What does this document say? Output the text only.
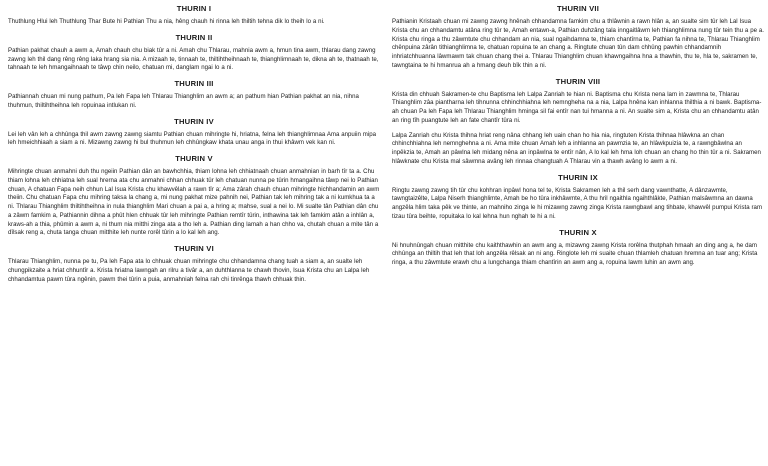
THURIN I
Thuthlung Hlui leh Thuthlung Thar Bute hi Pathian Thu a nia, hêng chauh hi rinna leh thiltih tehna dik lo theih lo a ni.
THURIN II
Pathian pakhat chauh a awm a, Amah chauh chu biak tûr a ni. Amah chu Thlarau, mahnia awm a, hmun tina awm, thlarau dang zawng zawng leh thil dang rêng rêng laka hrang sia nia. A mizaah te, tinnaah te, thiltihtheihnaah te, thianghlimnaah te, dikna ah te, thatnaah te, tahnaah te leh hmangaihnaah te tâwp chin neilo, chatuan mi, danglam ngai lo a ni.
THURIN III
Pathiannah chuan mi nung pathum, Pa leh Fapa leh Thlarau Thianghlim an awm a; an pathum hian Pathian pakhat an nia, nihna thuhmun, thiltihtheihna leh ropuinaa intlukan ni.
THURIN IV
Lei leh vân leh a chhûnga thil awm zawng zawng siamtu Pathian chuan mihringte hi, hriatna, felna leh thianghlimnaa Ama anpuiin mipa leh hmeichhiaah a siam a ni. Mizawng zawng hi bul thuhmun leh chhûngkaw khata unau anga in thui khâwm vek kan ni.
THURIN V
Mihringte chuan anmahni duh thu ngeiin Pathian dân an bawhchhia, thiam lohna leh chhiatnaah chuan anmahnian in barh tîr ta a. Chu thiam lohna leh chhiatna leh sual hrerna ata chu anmahni chhan chhuak tûr leh chatuan nunna pe tûrin hmangaihna tâwp nei lo Pathian chuan, A chatuan Fapa neih chhun Lal Isua Krista chu khawvêlah a rawn tîr a; Ama zârah chauh chuan mihringte hichhandamin an awm theiin. Chu chatuan Fapa chu mihring taksa la chang a, mi nung pakhat mize pahnih nei, Pathian tak leh mihring tak a ni kumkhua ta a ni. Thlarau Thianghlim thiltihtheihna in nula thianghlim Mari chuan a pai a, a hring a; mahse, sual a nei lo. Mi sualte tân Pathian dân chu a zâwm famkim a, Pathiannin dihna a phût hlen chhuak tûr leh mihringte Pathian remtîr tûrin, inthawina tak leh famkim atân a inhlân a, kraws-ah a thia, phûmin a awm a, ni thum nia mitthi zinga ata a tho leh a. Pathian ding lamah a han chho va, chutah chuan a mite tân a dîlsak reng a, chuta tanga chuan mitthite leh nunte rorêl tûrin a lo kal leh ang.
THURIN VI
Thlarau Thianghlim, nunna pe tu, Pa leh Fapa ata lo chhuak chuan mihringte chu chhandamna chang tuah a siam a, an sualte leh chungpikzaite a hriat chhuntîr a. Krista hriatna lawngah an rilru a tivâr a, an duhthlanna te chawh thovin, Isua Krista chu an Lalpa leh chhandamtua pawm tûra ngênin, pawm thei tûrin a puia, anmahniah felna rah chi tinrênga thawh chhuak thin.
THURIN VII
Pathianin Kristaah chuan mi zawng zawng hnênah chhandamna famkim chu a thlâwnin a rawn hlân a, an sualte sim tûr leh Lal Isua Krista chu an chhandamtu atâna ring tûr te, Amah entawn-a, Pathian duhzâng tala inngaitlâwm leh thianghlimna nung tûr tein thu a pe a. Krista chu ringa a thu zâwmtute chu chhandam an nia, sual ngaihdamna te, thiam chantîrna te, Pathian fa nihna te, Thlarau Thianghlim chênpuina zârân tithianghlimna te, chatuan ropuina te an chang a. Ringtute chuan tûn dam chhûng pawhin chhandamnih inhriatchhuanna lâwmawm tak chuan chang thei a. Thlarau Thianghlim chuan khawngaihna hna a thawhin, thu te, hla te, sakramen te, tawngtaina te hi hmanrua ah a hmang deuh bîk thin a ni.
THURIN VIII
Krista din chhuah Sakramen-te chu Baptisma leh Lalpa Zanriah te hian ni. Baptisma chu Krista nena lam in zawmna te, Thlarau Thianghlim zâa piantharna leh tihnunna chhinchhiahna leh nemngheha na a nia, Lalpa hnêna kan inhlanna thilthia a ni bawk. Baptisma-ah chuan Pa leh Fapa leh Thlarau Thianghlim hminga sil fai entîr nan tui hmanna a ni. An sualte sim a, Krista chu an chhandamtu atân an ring tîh puangtute leh an fate chantîr tûra ni.
Lalpa Zanriah chu Krista thihna hriat reng nâna chhang leh uain chan ho hia nia, ringtuten Krista thihnaa hlâwkna an chan chhinchhiahna leh nemnghehna a ni. Ama mite chuan Amah leh a inhlanna an pawmzia te, an hlâwkpuizia te, a rawngbâwlna an inpêkzia te, Amah an pâwlna leh midang nêna an inpâwlna te entîr nân, A lo kal leh hma loh chuan an chang ho thin tûr a ni. Sakramen hlâwknate chu Krista mal sâwmna avâng leh rinnaa changtuah A Thlarau vin a thawh avâng lo awm a ni.
THURIN IX
Ringtu zawng zawng tih tûr chu kohhran inpâwl hona tel te, Krista Sakramen leh a thil serh dang vawnthatte, A dânzawmte, tawngtaizêlte, Lalpa Niserh thianghlimte, Amah be ho tûra inkhâwmte, A thu hril ngaithla ngaihthlâkte, Pathian malsâwmna an dawna angzêla hlim taka pêk ve thinte, an mahniho zinga le hi mizawng zawng zinga Krista rawngbawl ang tihbate, khawvêl pumpui Krista ram tizau tûra beihte, ropuitaka lo kal lehna hun nghah te hi a ni.
THURIN X
Ni hnuhnûngah chuan mitthite chu kaiththawhin an awm ang a, mizawng zawng Krista rorêlna thutphah hmaah an ding ang a, he dam chhûnga an thiltih that leh that loh angzêla rêlsak an ni ang. Ringlote leh mi suaite chuan thlamleh chatuan hremna an tuar ang; Krista ringa, a thu zâwmtute erawh chu a lungchanga thiam chantîrin an awm ang a, ropuina lawm luhin an awm ang.
